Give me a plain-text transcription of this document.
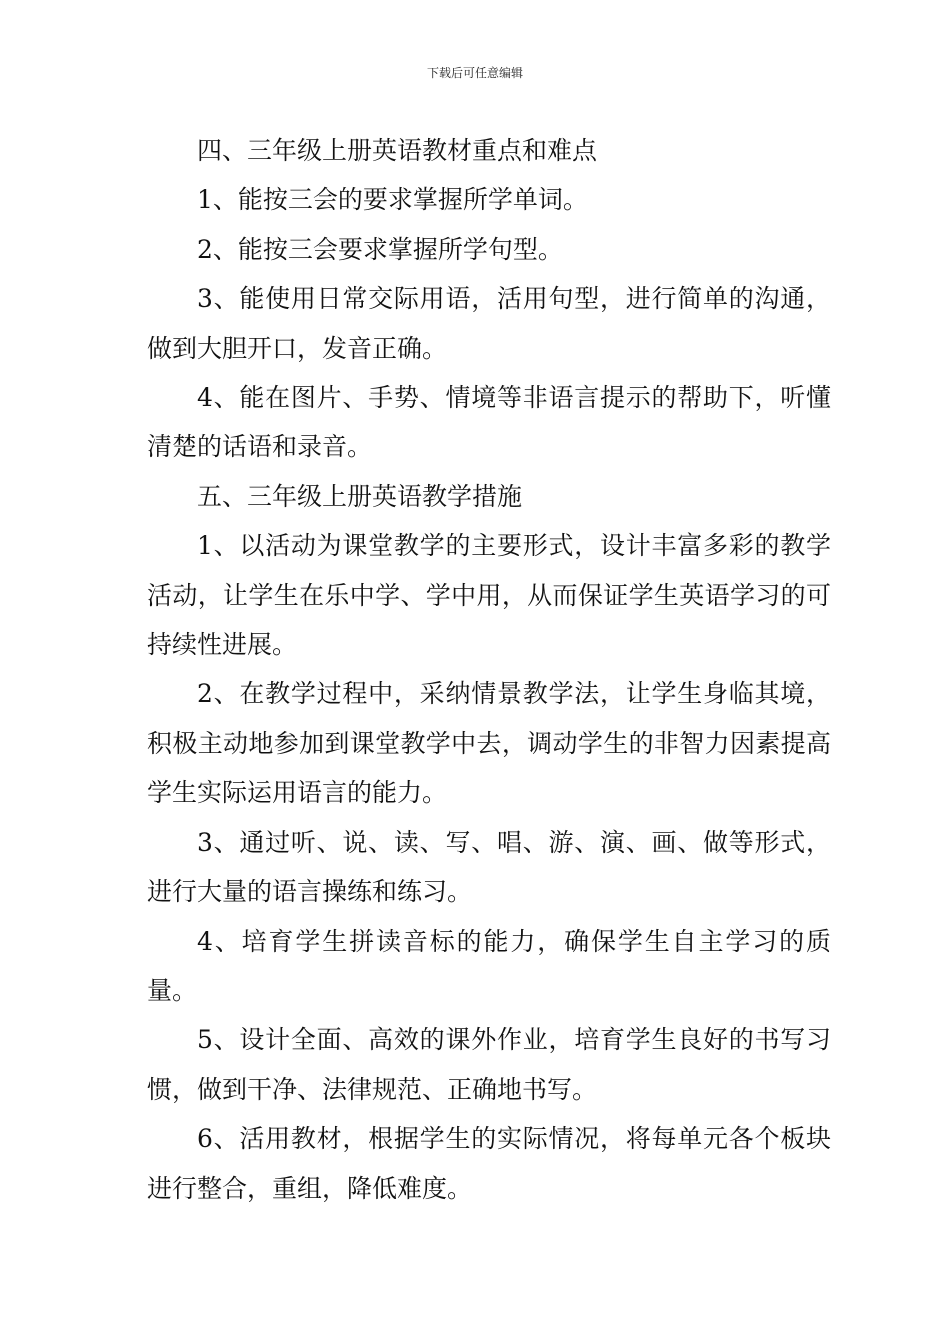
下载后可任意编辑

四、三年级上册英语教材重点和难点

1、能按三会的要求掌握所学单词。

2、能按三会要求掌握所学句型。

3、能使用日常交际用语，活用句型，进行简单的沟通，做到大胆开口，发音正确。

4、能在图片、手势、情境等非语言提示的帮助下，听懂清楚的话语和录音。

五、三年级上册英语教学措施

1、以活动为课堂教学的主要形式，设计丰富多彩的教学活动，让学生在乐中学、学中用，从而保证学生英语学习的可持续性进展。

2、在教学过程中，采纳情景教学法，让学生身临其境，积极主动地参加到课堂教学中去，调动学生的非智力因素提高学生实际运用语言的能力。

3、通过听、说、读、写、唱、游、演、画、做等形式，进行大量的语言操练和练习。

4、培育学生拼读音标的能力，确保学生自主学习的质量。

5、设计全面、高效的课外作业，培育学生良好的书写习惯，做到干净、法律规范、正确地书写。

6、活用教材，根据学生的实际情况，将每单元各个板块进行整合，重组，降低难度。
